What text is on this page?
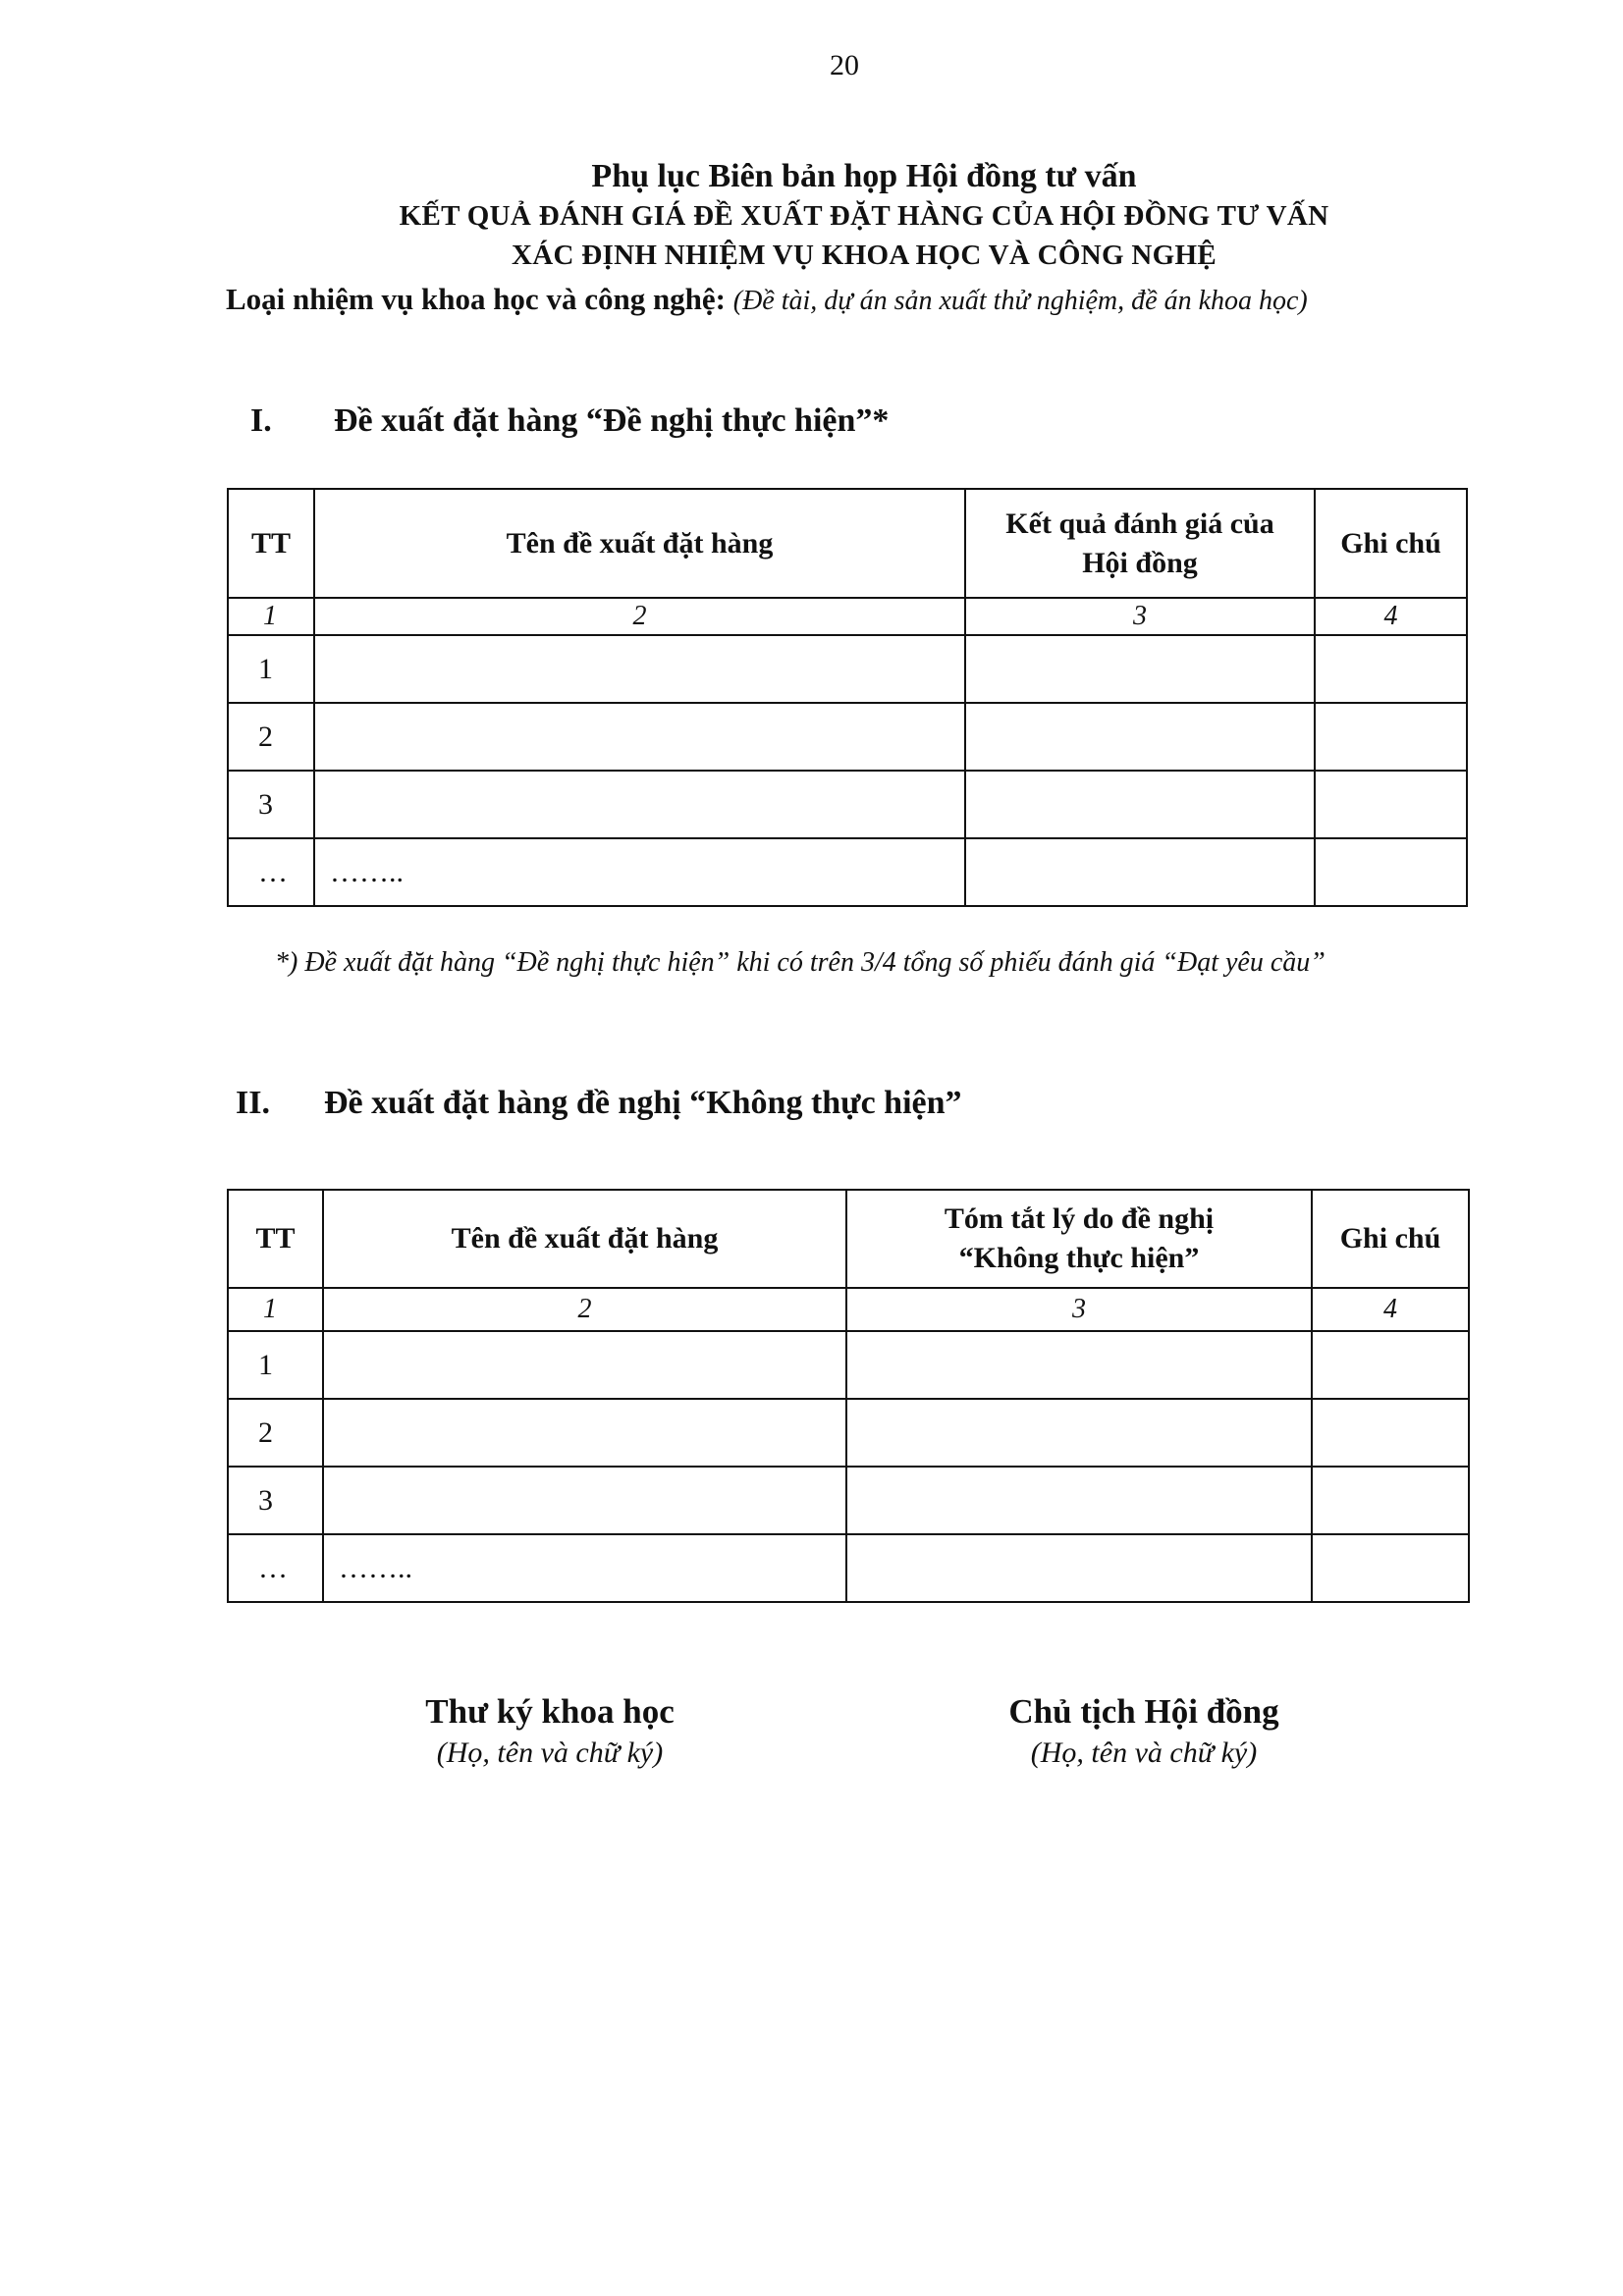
20
Phụ lục Biên bản họp Hội đồng tư vấn
KẾT QUẢ ĐÁNH GIÁ ĐỀ XUẤT ĐẶT HÀNG CỦA HỘI ĐỒNG TƯ VẤN
XÁC ĐỊNH NHIỆM VỤ KHOA HỌC VÀ CÔNG NGHỆ
Loại nhiệm vụ khoa học và công nghệ: (Đề tài, dự án sản xuất thử nghiệm, đề án khoa học)
I. Đề xuất đặt hàng “Đề nghị thực hiện”*
TT	Tên đề xuất đặt hàng	Kết quả đánh giá của Hội đồng	Ghi chú
1	2	3	4
1			
2			
3			
…	……..		
*) Đề xuất đặt hàng “Đề nghị thực hiện” khi có trên 3/4 tổng số phiếu đánh giá “Đạt yêu cầu”
II. Đề xuất đặt hàng đề nghị “Không thực hiện”
TT	Tên đề xuất đặt hàng	Tóm tắt lý do đề nghị “Không thực hiện”	Ghi chú
1	2	3	4
1			
2			
3			
…	……..		
Thư ký khoa học
(Họ, tên và chữ ký)
Chủ tịch Hội đồng
(Họ, tên và chữ ký)
